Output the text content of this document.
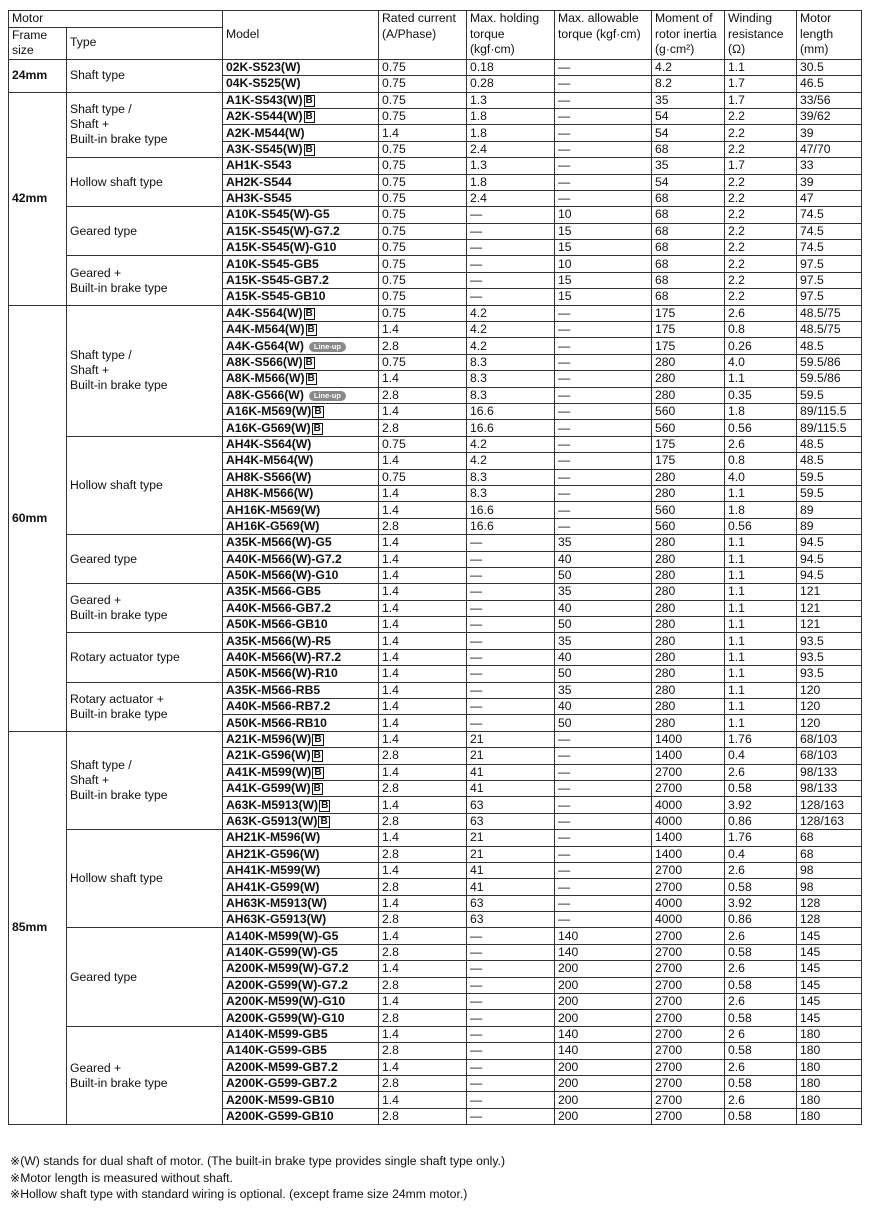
Motor		Model	Rated current (A/Phase)	Max. holding torque (kgf·cm)	Max. allowable torque (kgf·cm)	Moment of rotor inertia (g·cm²)	Winding resistance (Ω)	Motor length (mm)
Frame size	Type							
24mm	Shaft type	02K-S523(W)	0.75	0.18	—	4.2	1.1	30.5
		04K-S525(W)	0.75	0.28	—	8.2	1.7	46.5
42mm	Shaft type /
Shaft +
Built-in brake type	A1K-S543(W) B	0.75	1.3	—	35	1.7	33/56
		A2K-S544(W) B	0.75	1.8	—	54	2.2	39/62
		A2K-M544(W)	1.4	1.8	—	54	2.2	39
		A3K-S545(W) B	0.75	2.4	—	68	2.2	47/70
	Hollow shaft type	AH1K-S543	0.75	1.3	—	35	1.7	33
		AH2K-S544	0.75	1.8	—	54	2.2	39
		AH3K-S545	0.75	2.4	—	68	2.2	47
	Geared type	A10K-S545(W)-G5	0.75	—	10	68	2.2	74.5
		A15K-S545(W)-G7.2	0.75	—	15	68	2.2	74.5
		A15K-S545(W)-G10	0.75	—	15	68	2.2	74.5
	Geared +
Built-in brake type	A10K-S545-GB5	0.75	—	10	68	2.2	97.5
		A15K-S545-GB7.2	0.75	—	15	68	2.2	97.5
		A15K-S545-GB10	0.75	—	15	68	2.2	97.5
60mm	Shaft type /
Shaft +
Built-in brake type	A4K-S564(W) B	0.75	4.2	—	175	2.6	48.5/75
		A4K-M564(W) B	1.4	4.2	—	175	0.8	48.5/75
		A4K-G564(W) Line-up	2.8	4.2	—	175	0.26	48.5
		A8K-S566(W) B	0.75	8.3	—	280	4.0	59.5/86
		A8K-M566(W) B	1.4	8.3	—	280	1.1	59.5/86
		A8K-G566(W) Line-up	2.8	8.3	—	280	0.35	59.5
		A16K-M569(W) B	1.4	16.6	—	560	1.8	89/115.5
		A16K-G569(W) B	2.8	16.6	—	560	0.56	89/115.5
	Hollow shaft type	AH4K-S564(W)	0.75	4.2	—	175	2.6	48.5
		AH4K-M564(W)	1.4	4.2	—	175	0.8	48.5
		AH8K-S566(W)	0.75	8.3	—	280	4.0	59.5
		AH8K-M566(W)	1.4	8.3	—	280	1.1	59.5
		AH16K-M569(W)	1.4	16.6	—	560	1.8	89
		AH16K-G569(W)	2.8	16.6	—	560	0.56	89
	Geared type	A35K-M566(W)-G5	1.4	—	35	280	1.1	94.5
		A40K-M566(W)-G7.2	1.4	—	40	280	1.1	94.5
		A50K-M566(W)-G10	1.4	—	50	280	1.1	94.5
	Geared +
Built-in brake type	A35K-M566-GB5	1.4	—	35	280	1.1	121
		A40K-M566-GB7.2	1.4	—	40	280	1.1	121
		A50K-M566-GB10	1.4	—	50	280	1.1	121
	Rotary actuator type	A35K-M566(W)-R5	1.4	—	35	280	1.1	93.5
		A40K-M566(W)-R7.2	1.4	—	40	280	1.1	93.5
		A50K-M566(W)-R10	1.4	—	50	280	1.1	93.5
	Rotary actuator +
Built-in brake type	A35K-M566-RB5	1.4	—	35	280	1.1	120
		A40K-M566-RB7.2	1.4	—	40	280	1.1	120
		A50K-M566-RB10	1.4	—	50	280	1.1	120
85mm	Shaft type /
Shaft +
Built-in brake type	A21K-M596(W) B	1.4	21	—	1400	1.76	68/103
		A21K-G596(W) B	2.8	21	—	1400	0.4	68/103
		A41K-M599(W) B	1.4	41	—	2700	2.6	98/133
		A41K-G599(W) B	2.8	41	—	2700	0.58	98/133
		A63K-M5913(W) B	1.4	63	—	4000	3.92	128/163
		A63K-G5913(W) B	2.8	63	—	4000	0.86	128/163
	Hollow shaft type	AH21K-M596(W)	1.4	21	—	1400	1.76	68
		AH21K-G596(W)	2.8	21	—	1400	0.4	68
		AH41K-M599(W)	1.4	41	—	2700	2.6	98
		AH41K-G599(W)	2.8	41	—	2700	0.58	98
		AH63K-M5913(W)	1.4	63	—	4000	3.92	128
		AH63K-G5913(W)	2.8	63	—	4000	0.86	128
	Geared type	A140K-M599(W)-G5	1.4	—	140	2700	2.6	145
		A140K-G599(W)-G5	2.8	—	140	2700	0.58	145
		A200K-M599(W)-G7.2	1.4	—	200	2700	2.6	145
		A200K-G599(W)-G7.2	2.8	—	200	2700	0.58	145
		A200K-M599(W)-G10	1.4	—	200	2700	2.6	145
		A200K-G599(W)-G10	2.8	—	200	2700	0.58	145
	Geared +
Built-in brake type	A140K-M599-GB5	1.4	—	140	2700	2 6	180
		A140K-G599-GB5	2.8	—	140	2700	0.58	180
		A200K-M599-GB7.2	1.4	—	200	2700	2.6	180
		A200K-G599-GB7.2	2.8	—	200	2700	0.58	180
		A200K-M599-GB10	1.4	—	200	2700	2.6	180
		A200K-G599-GB10	2.8	—	200	2700	0.58	180
※(W) stands for dual shaft of motor. (The built-in brake type provides single shaft type only.)
※Motor length is measured without shaft.
※Hollow shaft type with standard wiring is optional. (except frame size 24mm motor.)
